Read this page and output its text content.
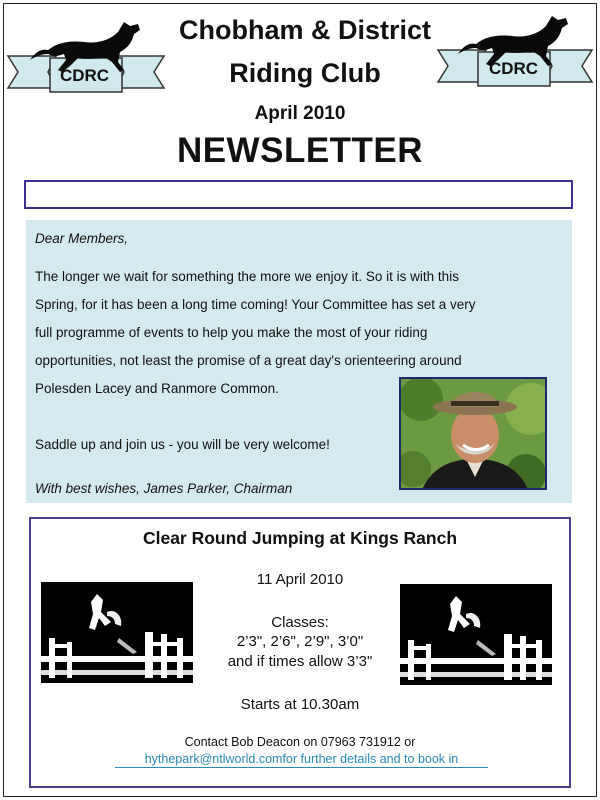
CDRC	CDRC
Chobham & District
Riding Club
April 2010
NEWSLETTER

Dear Members,

The longer we wait for something the more we enjoy it. So it is with this

Spring, for it has been a long time coming! Your Committee has set a very

full programme of events to help you make the most of your riding

opportunities, not least the promise of a great day's orienteering around

Polesden Lacey and Ranmore Common.

Saddle up and join us - you will be very welcome!

With best wishes, James Parker, Chairman

Clear Round Jumping at Kings Ranch
11 April 2010
Classes:
2’3", 2’6", 2’9", 3’0"
and if times allow 3’3"
Starts at 10.30am
Contact Bob Deacon on 07963 731912 or
hythepark@ntlworld.comfor further details and to book in
